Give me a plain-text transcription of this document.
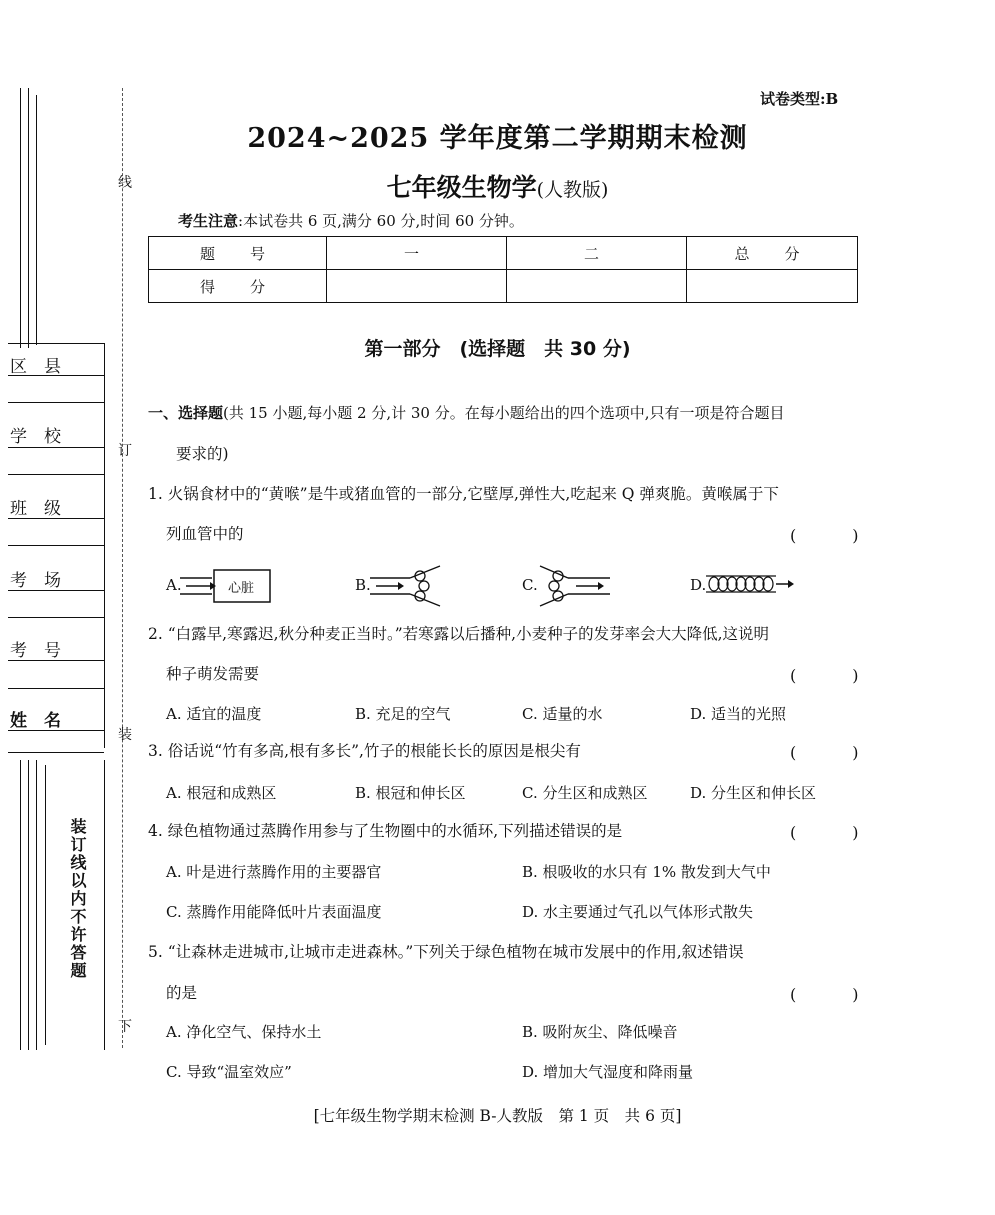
区　县
学　校
班　级
考　场
考　号
姓　名
装订线以内不许答题
线
订
装
下
试卷类型:B
2024~2025 学年度第二学期期末检测
七年级生物学(人教版)
考生注意:本试卷共 6 页,满分 60 分,时间 60 分钟。
题　号	一	二	总　分
得　分			
第一部分　(选择题　共 30 分)
一、选择题(共 15 小题,每小题 2 分,计 30 分。在每小题给出的四个选项中,只有一项是符合题目
要求的)
1. 火锅食材中的“黄喉”是牛或猪血管的一部分,它壁厚,弹性大,吃起来 Q 弹爽脆。黄喉属于下
列血管中的	(　)
A.	心脏	B.	C.	D.
2. “白露早,寒露迟,秋分种麦正当时。”若寒露以后播种,小麦种子的发芽率会大大降低,这说明
种子萌发需要	(　)
A. 适宜的温度	B. 充足的空气	C. 适量的水	D. 适当的光照
3. 俗话说“竹有多高,根有多长”,竹子的根能长长的原因是根尖有	(　)
A. 根冠和成熟区	B. 根冠和伸长区	C. 分生区和成熟区	D. 分生区和伸长区
4. 绿色植物通过蒸腾作用参与了生物圈中的水循环,下列描述错误的是	(　)
A. 叶是进行蒸腾作用的主要器官	B. 根吸收的水只有 1% 散发到大气中
C. 蒸腾作用能降低叶片表面温度	D. 水主要通过气孔以气体形式散失
5. “让森林走进城市,让城市走进森林。”下列关于绿色植物在城市发展中的作用,叙述错误
的是	(　)
A. 净化空气、保持水土	B. 吸附灰尘、降低噪音
C. 导致“温室效应”	D. 增加大气湿度和降雨量
[七年级生物学期末检测 B-人教版　第 1 页　共 6 页]
